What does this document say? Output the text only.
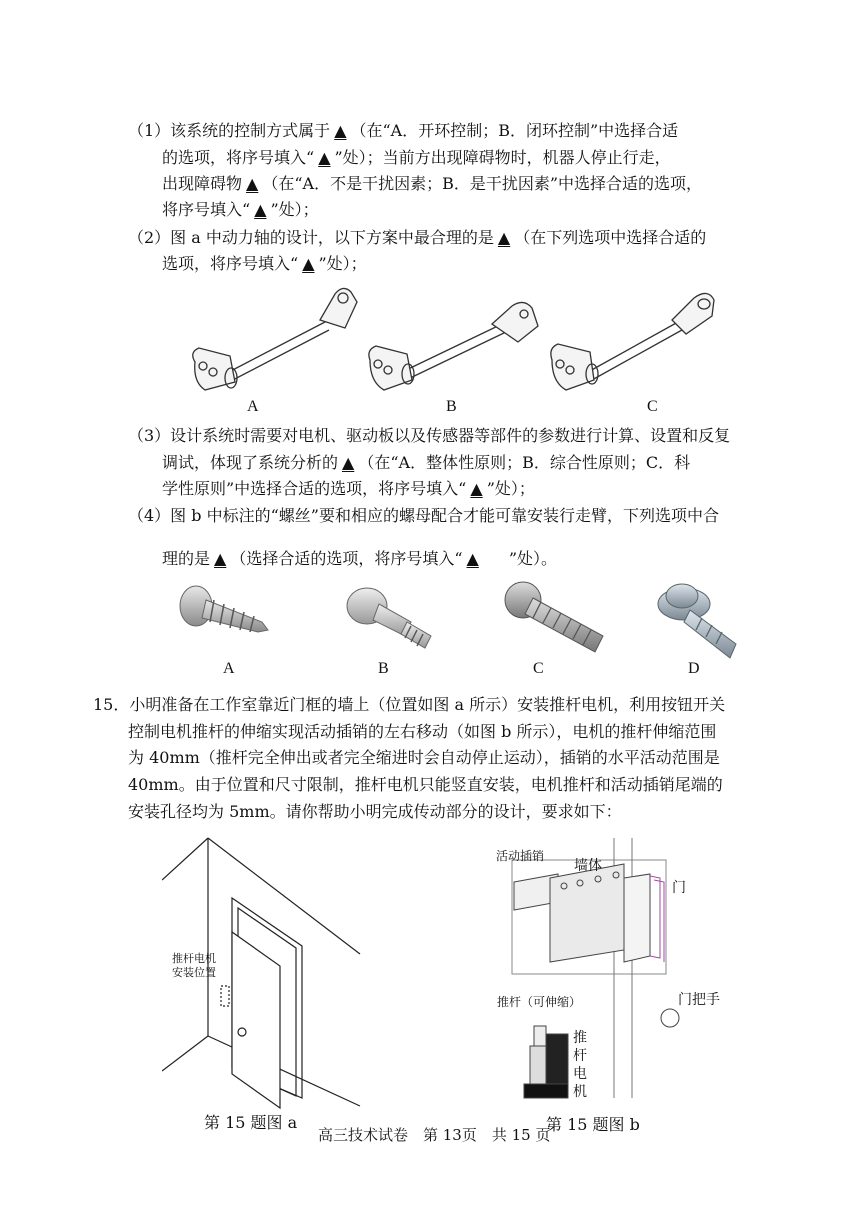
（1）该系统的控制方式属于 ▲ （在“A．开环控制；B．闭环控制”中选择合适
的选项，将序号填入“ ▲ ”处）；当前方出现障碍物时，机器人停止行走，
出现障碍物 ▲ （在“A．不是干扰因素；B．是干扰因素”中选择合适的选项，
将序号填入“ ▲ ”处）；
（2）图 a 中动力轴的设计，以下方案中最合理的是 ▲ （在下列选项中选择合适的
选项，将序号填入“ ▲ ”处）；
A	B	C
（3）设计系统时需要对电机、驱动板以及传感器等部件的参数进行计算、设置和反复
调试，体现了系统分析的 ▲ （在“A．整体性原则；B．综合性原则；C．科
学性原则”中选择合适的选项，将序号填入“ ▲ ”处）；
（4）图 b 中标注的“螺丝”要和相应的螺母配合才能可靠安装行走臂，下列选项中合
理的是 ▲ （选择合适的选项，将序号填入“ ▲ ”处）。
A	B	C	D
15．小明准备在工作室靠近门框的墙上（位置如图 a 所示）安装推杆电机，利用按钮开关
控制电机推杆的伸缩实现活动插销的左右移动（如图 b 所示），电机的推杆伸缩范围
为 40mm（推杆完全伸出或者完全缩进时会自动停止运动），插销的水平活动范围是
40mm。由于位置和尺寸限制，推杆电机只能竖直安装，电机推杆和活动插销尾端的
安装孔径均为 5mm。请你帮助小明完成传动部分的设计，要求如下：
推杆电机
安装位置
第 15 题图 a
活动插销
墙体
门
推杆（可伸缩）	门把手
推
杆
电
机
第 15 题图 b
高三技术试卷　第 13页　共 15 页
